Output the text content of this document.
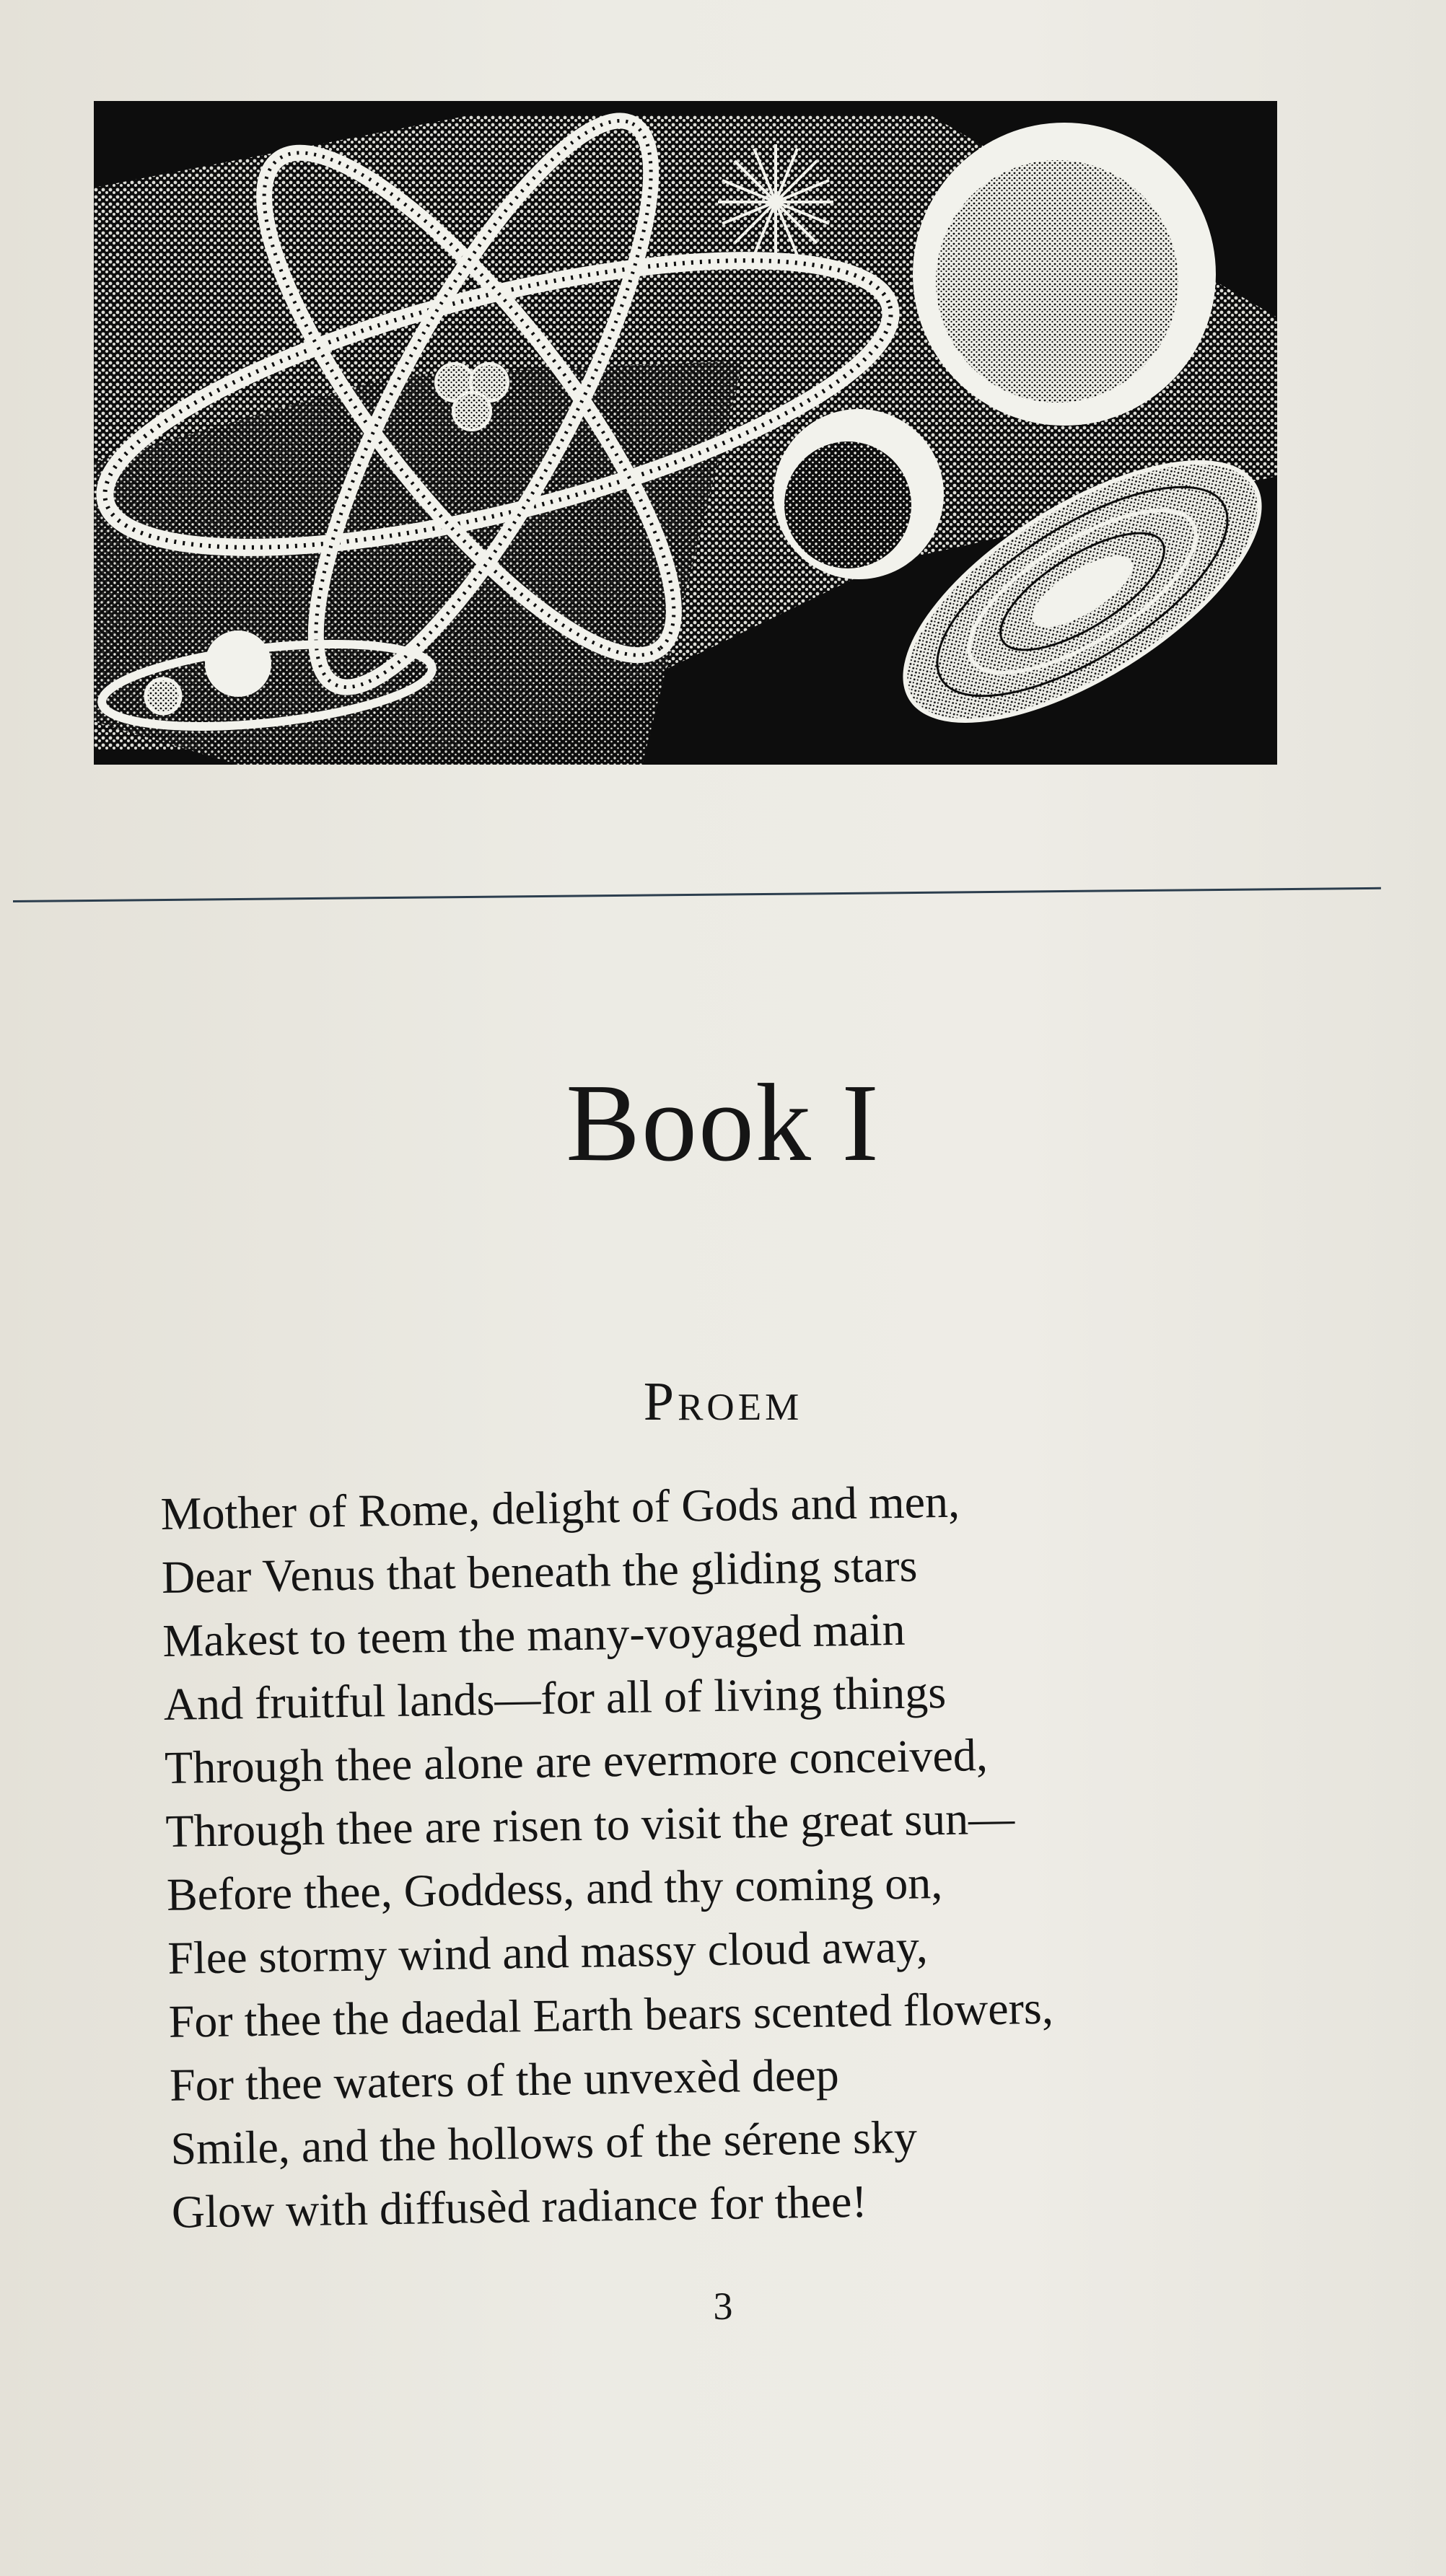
Book I
Proem
Mother of Rome, delight of Gods and men,
Dear Venus that beneath the gliding stars
Makest to teem the many-voyaged main
And fruitful lands—for all of living things
Through thee alone are evermore conceived,
Through thee are risen to visit the great sun—
Before thee, Goddess, and thy coming on,
Flee stormy wind and massy cloud away,
For thee the daedal Earth bears scented flowers,
For thee waters of the unvexèd deep
Smile, and the hollows of the sérene sky
Glow with diffusèd radiance for thee!
3
